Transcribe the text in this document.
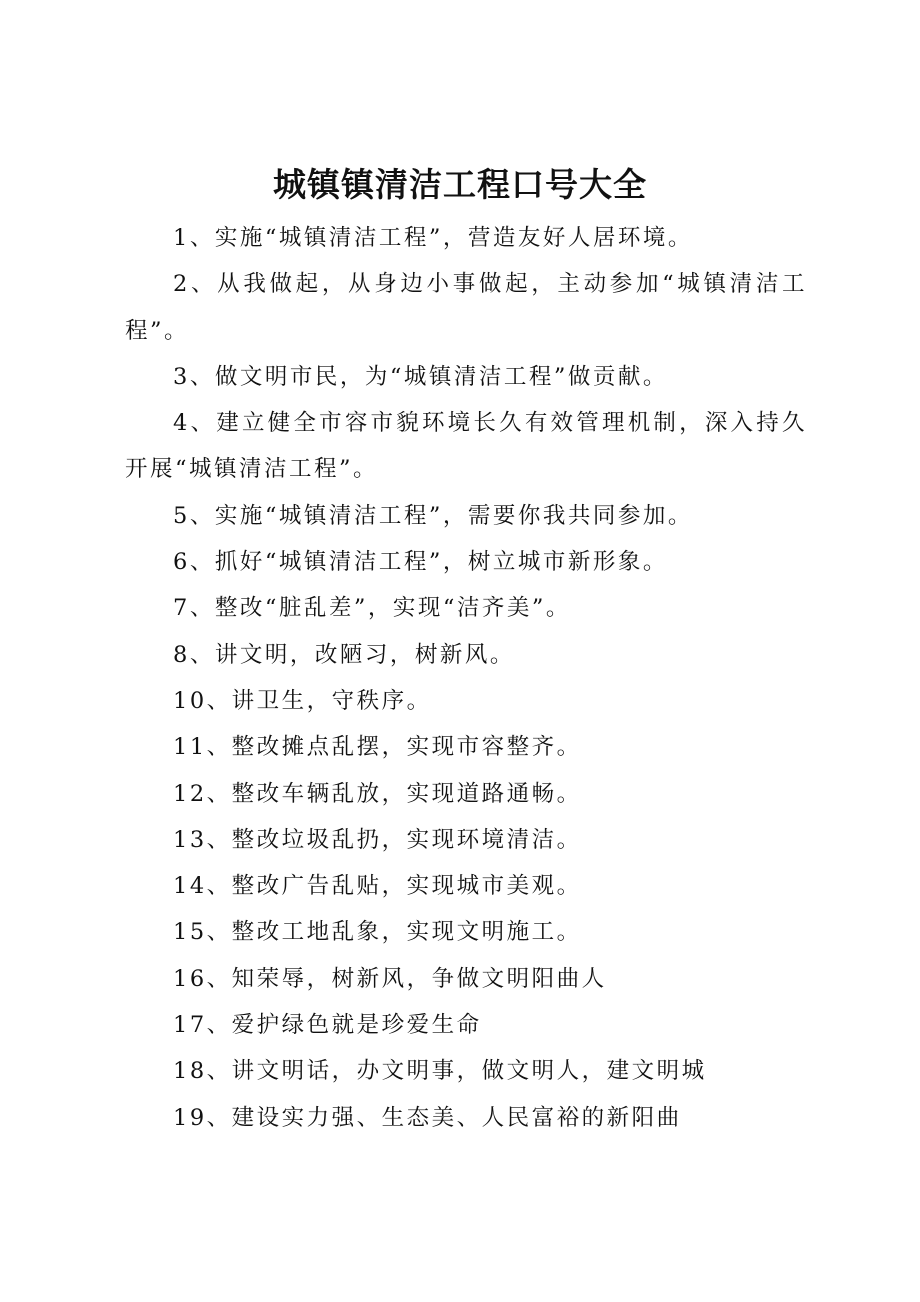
城镇镇清洁工程口号大全

1、实施“城镇清洁工程”，营造友好人居环境。

2、从我做起，从身边小事做起，主动参加“城镇清洁工程”。

3、做文明市民，为“城镇清洁工程”做贡献。

4、建立健全市容市貌环境长久有效管理机制，深入持久开展“城镇清洁工程”。

5、实施“城镇清洁工程”，需要你我共同参加。

6、抓好“城镇清洁工程”，树立城市新形象。

7、整改“脏乱差”，实现“洁齐美”。

8、讲文明，改陋习，树新风。

10、讲卫生，守秩序。

11、整改摊点乱摆，实现市容整齐。

12、整改车辆乱放，实现道路通畅。

13、整改垃圾乱扔，实现环境清洁。

14、整改广告乱贴，实现城市美观。

15、整改工地乱象，实现文明施工。

16、知荣辱，树新风，争做文明阳曲人

17、爱护绿色就是珍爱生命

18、讲文明话，办文明事，做文明人，建文明城

19、建设实力强、生态美、人民富裕的新阳曲
